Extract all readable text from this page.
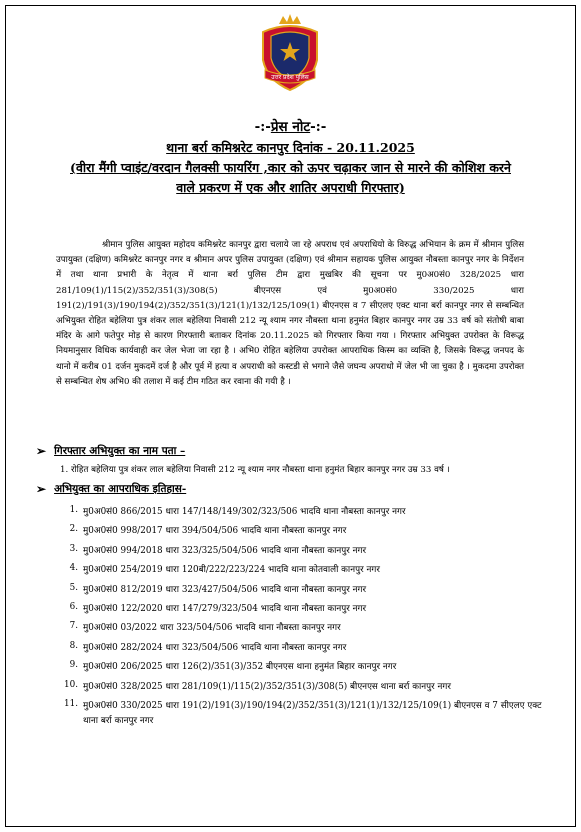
उत्तर प्रदेश पुलिस
-:-प्रेस नोट-:-
थाना बर्रा कमिश्नरेट कानपुर दिनांक - 20.11.2025
(वीरा मैंगी प्वाइंट/वरदान गैलक्सी फायरिंग ,कार को ऊपर चढ़ाकर जान से मारने की कोशिश करने वाले प्रकरण में एक और शातिर अपराधी गिरफ्तार)
श्रीमान पुलिस आयुक्त महोदय कमिश्नरेट कानपुर द्वारा चलाये जा रहे अपराध एवं अपराधियो के विरुद्ध अभियान के क्रम में श्रीमान पुलिस उपायुक्त (दक्षिण) कमिश्नरेट कानपुर नगर व श्रीमान अपर पुलिस उपायुक्त (दक्षिण) एवं श्रीमान सहायक पुलिस आयुक्त नौबस्ता कानपुर नगर के निर्देशन में तथा थाना प्रभारी के नेतृत्व में थाना बर्रा पुलिस टीम द्वारा मुखबिर की सूचना पर मु0अ0सं0 328/2025 धारा 281/109(1)/115(2)/352/351(3)/308(5) बीएनएस एवं मु0अ0सं0 330/2025 धारा 191(2)/191(3)/190/194(2)/352/351(3)/121(1)/132/125/109(1) बीएनएस व 7 सीएलए एक्ट थाना बर्रा कानपुर नगर से सम्बन्धित अभियुक्त रोहित बहेलिया पुत्र शंकर लाल बहेलिया निवासी 212 न्यू श्याम नगर नौबस्ता थाना हनुमंत बिहार कानपुर नगर उम्र 33 वर्ष को संतोषी बाबा मंदिर के आगे फतेपुर मोड़ से कारण गिरफ्तारी बताकर दिनांक 20.11.2025 को गिरफ्तार किया गया । गिरफ्तार अभियुक्त उपरोक्त के विरूद्ध नियमानुसार विधिक कार्यवाही कर जेल भेजा जा रहा है । अभि0 रोहित बहेलिया उपरोक्त आपराधिक किस्म का व्यक्ति है, जिसके विरूद्ध जनपद के थानो में करीब 01 दर्जन मुकदमें दर्ज है और पूर्व में हत्या व अपराधी को कस्टडी से भगाने जैसे जघन्य अपराधो में जेल भी जा चुका है । मुकदमा उपरोक्त से सम्बन्धित शेष अभि0 की तलाश में कई टीम गठित कर रवाना की गयी है ।
➢ गिरफ्तार अभियुक्त का नाम पता –
1. रोहित बहेलिया पुत्र शंकर लाल बहेलिया निवासी 212 न्यू श्याम नगर नौबस्ता थाना हनुमंत बिहार कानपुर नगर उम्र 33 वर्ष ।
➢ अभियुक्त का आपराधिक इतिहास-
1. मु0अ0सं0 866/2015 धारा 147/148/149/302/323/506 भादवि थाना नौबस्ता कानपुर नगर
2. मु0अ0सं0 998/2017 धारा 394/504/506 भादवि थाना नौबस्ता कानपुर नगर
3. मु0अ0सं0 994/2018 धारा 323/325/504/506 भादवि थाना नौबस्ता कानपुर नगर
4. मु0अ0सं0 254/2019 धारा 120बी/222/223/224 भादवि थाना कोतवाली कानपुर नगर
5. मु0अ0सं0 812/2019 धारा 323/427/504/506 भादवि थाना नौबस्ता कानपुर नगर
6. मु0अ0सं0 122/2020 धारा 147/279/323/504 भादवि थाना नौबस्ता कानपुर नगर
7. मु0अ0सं0 03/2022 धारा 323/504/506 भादवि थाना नौबस्ता कानपुर नगर
8. मु0अ0सं0 282/2024 धारा 323/504/506 भादवि थाना नौबस्ता कानपुर नगर
9. मु0अ0सं0 206/2025 धारा 126(2)/351(3)/352 बीएनएस थाना हनुमंत बिहार कानपुर नगर
10. मु0अ0सं0 328/2025 धारा 281/109(1)/115(2)/352/351(3)/308(5) बीएनएस थाना बर्रा कानपुर नगर
11. मु0अ0सं0 330/2025 धारा 191(2)/191(3)/190/194(2)/352/351(3)/121(1)/132/125/109(1) बीएनएस व 7 सीएलए एक्ट थाना बर्रा कानपुर नगर
